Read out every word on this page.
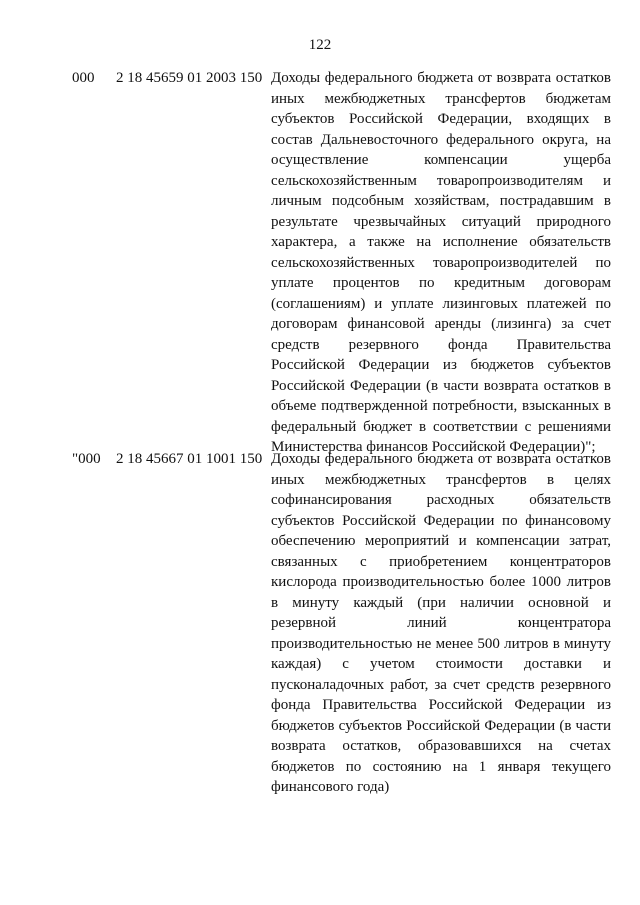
122
000 2 18 45659 01 2003 150 Доходы федерального бюджета от возврата остатков
иных межбюджетных трансфертов бюджетам
субъектов Российской Федерации, входящих в
состав Дальневосточного федерального округа, на
осуществление компенсации ущерба
сельскохозяйственным товаропроизводителям и
личным подсобным хозяйствам, пострадавшим в
результате чрезвычайных ситуаций природного
характера, а также на исполнение обязательств
сельскохозяйственных товаропроизводителей по
уплате процентов по кредитным договорам
(соглашениям) и уплате лизинговых платежей по
договорам финансовой аренды (лизинга) за счет
средств резервного фонда Правительства
Российской Федерации из бюджетов субъектов
Российской Федерации (в части возврата остатков в
объеме подтвержденной потребности, взысканных в
федеральный бюджет в соответствии с решениями
Министерства финансов Российской Федерации)";
"000 2 18 45667 01 1001 150 Доходы федерального бюджета от возврата остатков
иных межбюджетных трансфертов в целях
софинансирования расходных обязательств
субъектов Российской Федерации по финансовому
обеспечению мероприятий и компенсации затрат,
связанных с приобретением концентраторов
кислорода производительностью более 1000 литров
в минуту каждый (при наличии основной и
резервной линий концентратора
производительностью не менее 500 литров в минуту
каждая) с учетом стоимости доставки и
пусконаладочных работ, за счет средств резервного
фонда Правительства Российской Федерации из
бюджетов субъектов Российской Федерации (в части
возврата остатков, образовавшихся на счетах
бюджетов по состоянию на 1 января текущего
финансового года)
